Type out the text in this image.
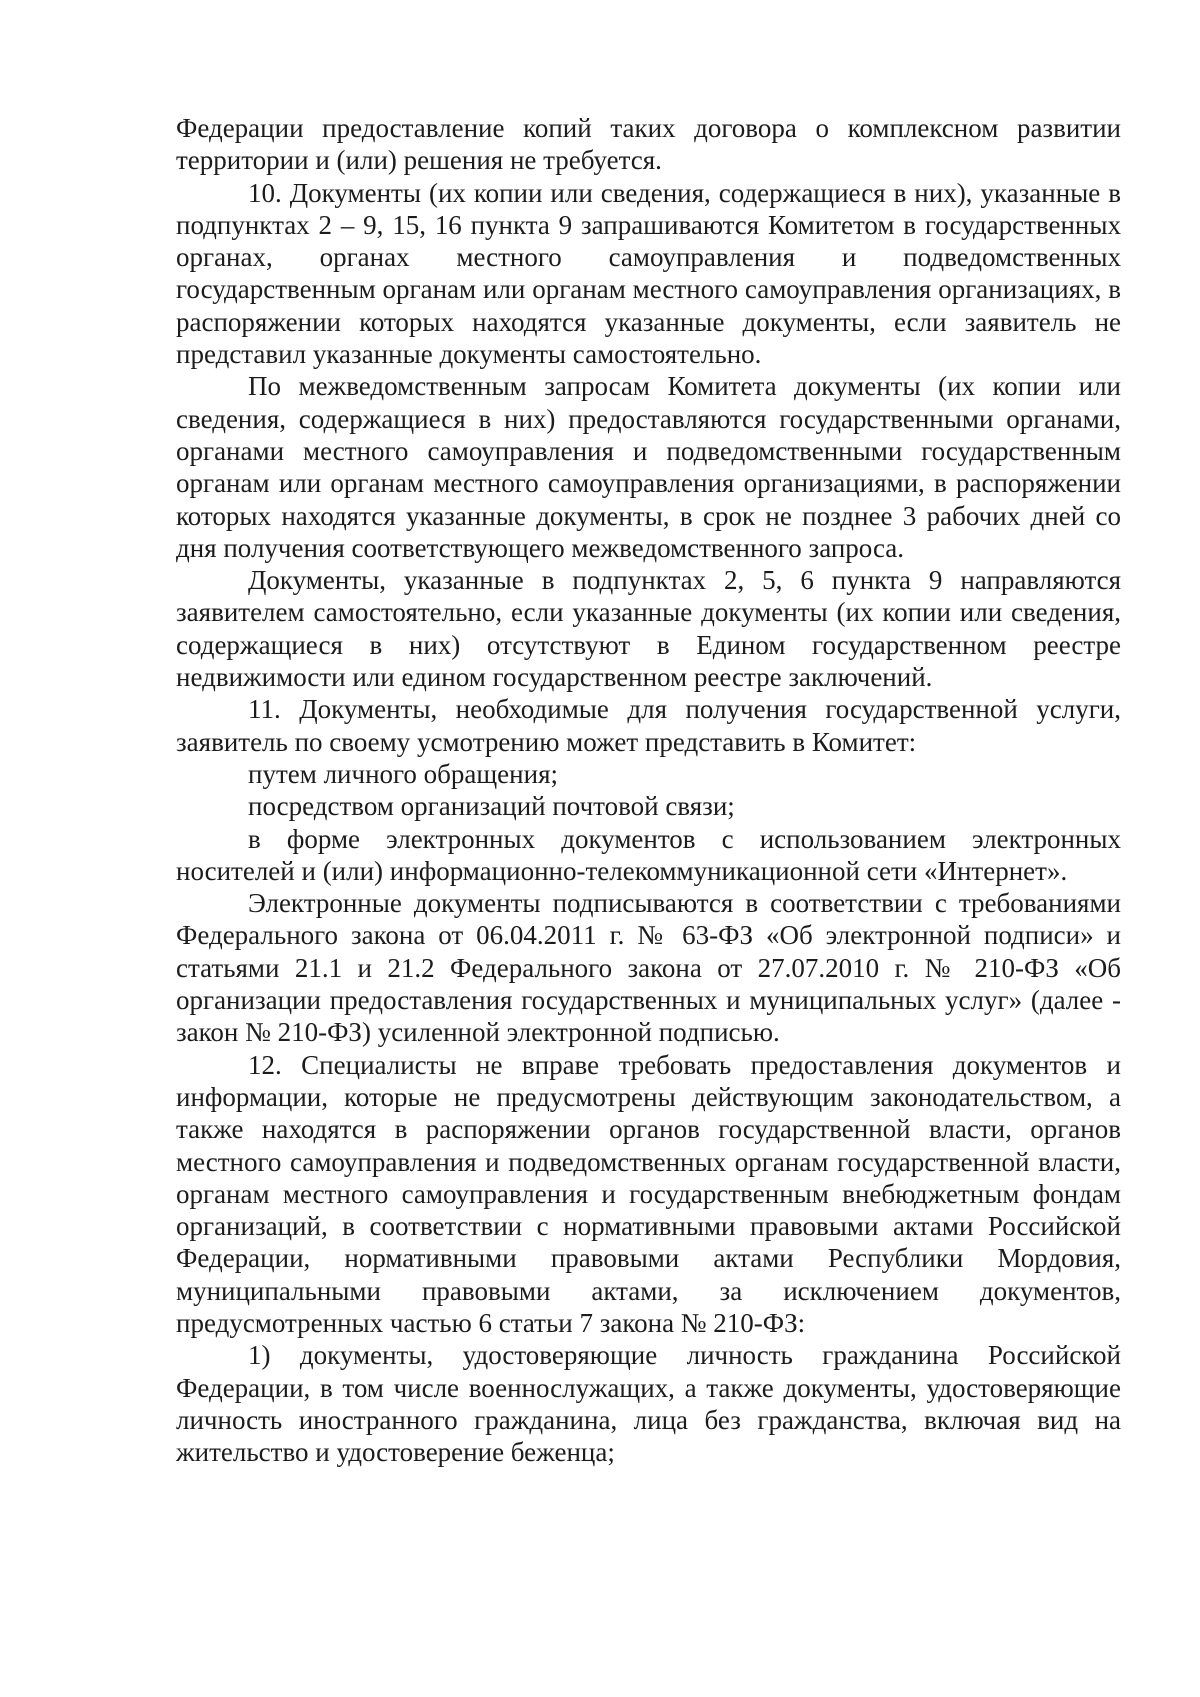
Федерации предоставление копий таких договора о комплексном развитии территории и (или) решения не требуется.

10. Документы (их копии или сведения, содержащиеся в них), указанные в подпунктах 2 – 9, 15, 16 пункта 9 запрашиваются Комитетом в государственных органах, органах местного самоуправления и подведомственных государственным органам или органам местного самоуправления организациях, в распоряжении которых находятся указанные документы, если заявитель не представил указанные документы самостоятельно.

По межведомственным запросам Комитета документы (их копии или сведения, содержащиеся в них) предоставляются государственными органами, органами местного самоуправления и подведомственными государственным органам или органам местного самоуправления организациями, в распоряжении которых находятся указанные документы, в срок не позднее 3 рабочих дней со дня получения соответствующего межведомственного запроса.

Документы, указанные в подпунктах 2, 5, 6 пункта 9 направляются заявителем самостоятельно, если указанные документы (их копии или сведения, содержащиеся в них) отсутствуют в Едином государственном реестре недвижимости или едином государственном реестре заключений.

11. Документы, необходимые для получения государственной услуги, заявитель по своему усмотрению может представить в Комитет:

путем личного обращения;

посредством организаций почтовой связи;

в форме электронных документов с использованием электронных носителей и (или) информационно-телекоммуникационной сети «Интернет».

Электронные документы подписываются в соответствии с требованиями Федерального закона от 06.04.2011 г. № 63-ФЗ «Об электронной подписи» и статьями 21.1 и 21.2 Федерального закона от 27.07.2010 г. № 210-ФЗ «Об организации предоставления государственных и муниципальных услуг» (далее - закон № 210-ФЗ) усиленной электронной подписью.

12. Специалисты не вправе требовать предоставления документов и информации, которые не предусмотрены действующим законодательством, а также находятся в распоряжении органов государственной власти, органов местного самоуправления и подведомственных органам государственной власти, органам местного самоуправления и государственным внебюджетным фондам организаций, в соответствии с нормативными правовыми актами Российской Федерации, нормативными правовыми актами Республики Мордовия, муниципальными правовыми актами, за исключением документов, предусмотренных частью 6 статьи 7 закона № 210-ФЗ:

1) документы, удостоверяющие личность гражданина Российской Федерации, в том числе военнослужащих, а также документы, удостоверяющие личность иностранного гражданина, лица без гражданства, включая вид на жительство и удостоверение беженца;
